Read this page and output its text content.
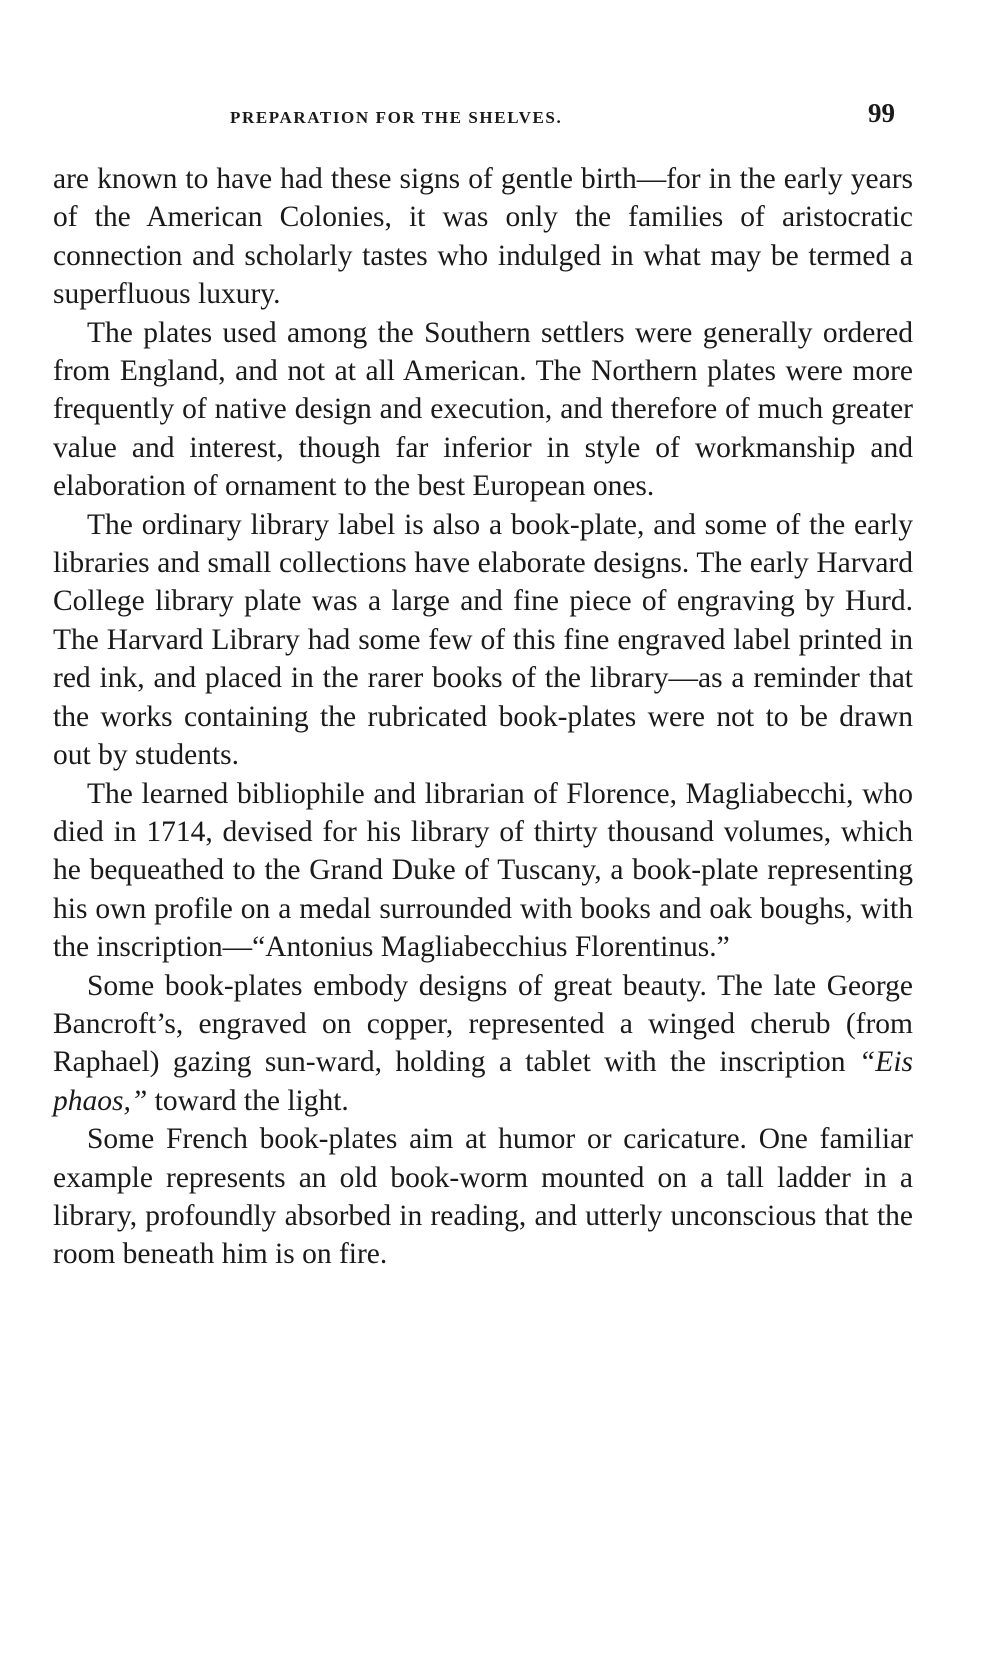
PREPARATION FOR THE SHELVES.	99

are known to have had these signs of gentle birth—for in the early years of the American Colonies, it was only the families of aristocratic connection and scholarly tastes who indulged in what may be termed a superfluous luxury.

The plates used among the Southern settlers were generally ordered from England, and not at all American. The Northern plates were more frequently of native design and execution, and therefore of much greater value and interest, though far inferior in style of workmanship and elaboration of ornament to the best European ones.

The ordinary library label is also a book-plate, and some of the early libraries and small collections have elaborate designs. The early Harvard College library plate was a large and fine piece of engraving by Hurd. The Harvard Library had some few of this fine engraved label printed in red ink, and placed in the rarer books of the library—as a reminder that the works containing the rubricated book-plates were not to be drawn out by students.

The learned bibliophile and librarian of Florence, Magliabecchi, who died in 1714, devised for his library of thirty thousand volumes, which he bequeathed to the Grand Duke of Tuscany, a book-plate representing his own profile on a medal surrounded with books and oak boughs, with the inscription—“Antonius Magliabecchius Florentinus.”

Some book-plates embody designs of great beauty. The late George Bancroft’s, engraved on copper, represented a winged cherub (from Raphael) gazing sun-ward, holding a tablet with the inscription “Eis phaos,” toward the light.

Some French book-plates aim at humor or caricature. One familiar example represents an old book-worm mounted on a tall ladder in a library, profoundly absorbed in reading, and utterly unconscious that the room beneath him is on fire.
